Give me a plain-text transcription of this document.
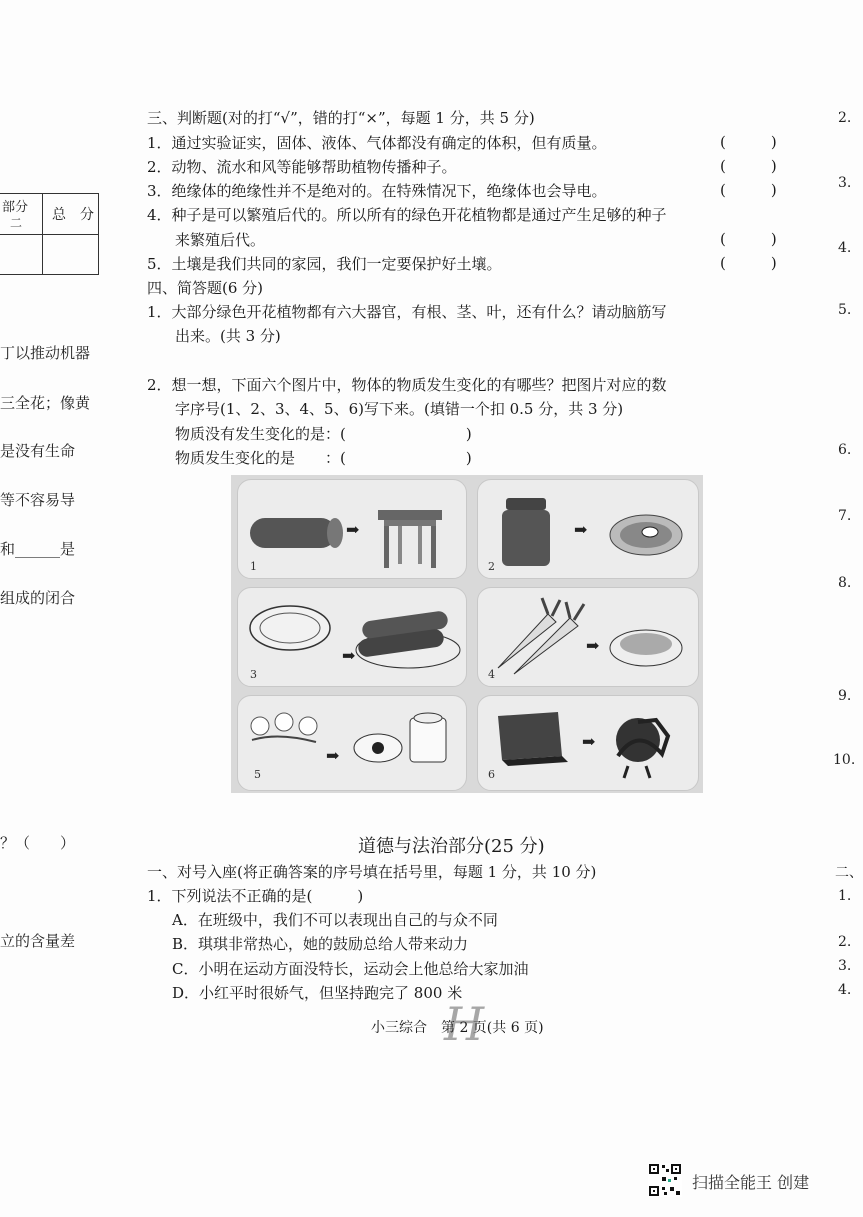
丁以推动机器
三全花；像黄
是没有生命
等不容易导
和______是
组成的闭合
？（　　）
立的含量差
部分 总　分
二
2.
3.
4.
5.
6.
7.
8.
9.
10.
二、
1.
2.
3.
4.
三、判断题(对的打“√”，错的打“×”，每题 1 分，共 5 分)
1．通过实验证实，固体、液体、气体都没有确定的体积，但有质量。	(　　　)
2．动物、流水和风等能够帮助植物传播种子。	(　　　)
3．绝缘体的绝缘性并不是绝对的。在特殊情况下，绝缘体也会导电。	(　　　)
4．种子是可以繁殖后代的。所以所有的绿色开花植物都是通过产生足够的种子
来繁殖后代。	(　　　)
5．土壤是我们共同的家园，我们一定要保护好土壤。	(　　　)
四、简答题(6 分)
1．大部分绿色开花植物都有六大器官，有根、茎、叶，还有什么？请动脑筋写
出来。(共 3 分)
2．想一想，下面六个图片中，物体的物质发生变化的有哪些？把图片对应的数
字序号(1、2、3、4、5、6)写下来。(填错一个扣 0.5 分，共 3 分)
物质没有发生变化的是：(　　　　　　　　)
物质发生变化的是　　：(　　　　　　　　)
➡
1
➡
2
➡
3
➡
4
➡
5
➡
6
道德与法治部分(25 分)
一、对号入座(将正确答案的序号填在括号里，每题 1 分，共 10 分)
1．下列说法不正确的是(　　　)
A．在班级中，我们不可以表现出自己的与众不同
B．琪琪非常热心，她的鼓励总给人带来动力
C．小明在运动方面没特长，运动会上他总给大家加油
D．小红平时很娇气，但坚持跑完了 800 米
小三综合　第 2 页(共 6 页)
H
扫描全能王 创建
